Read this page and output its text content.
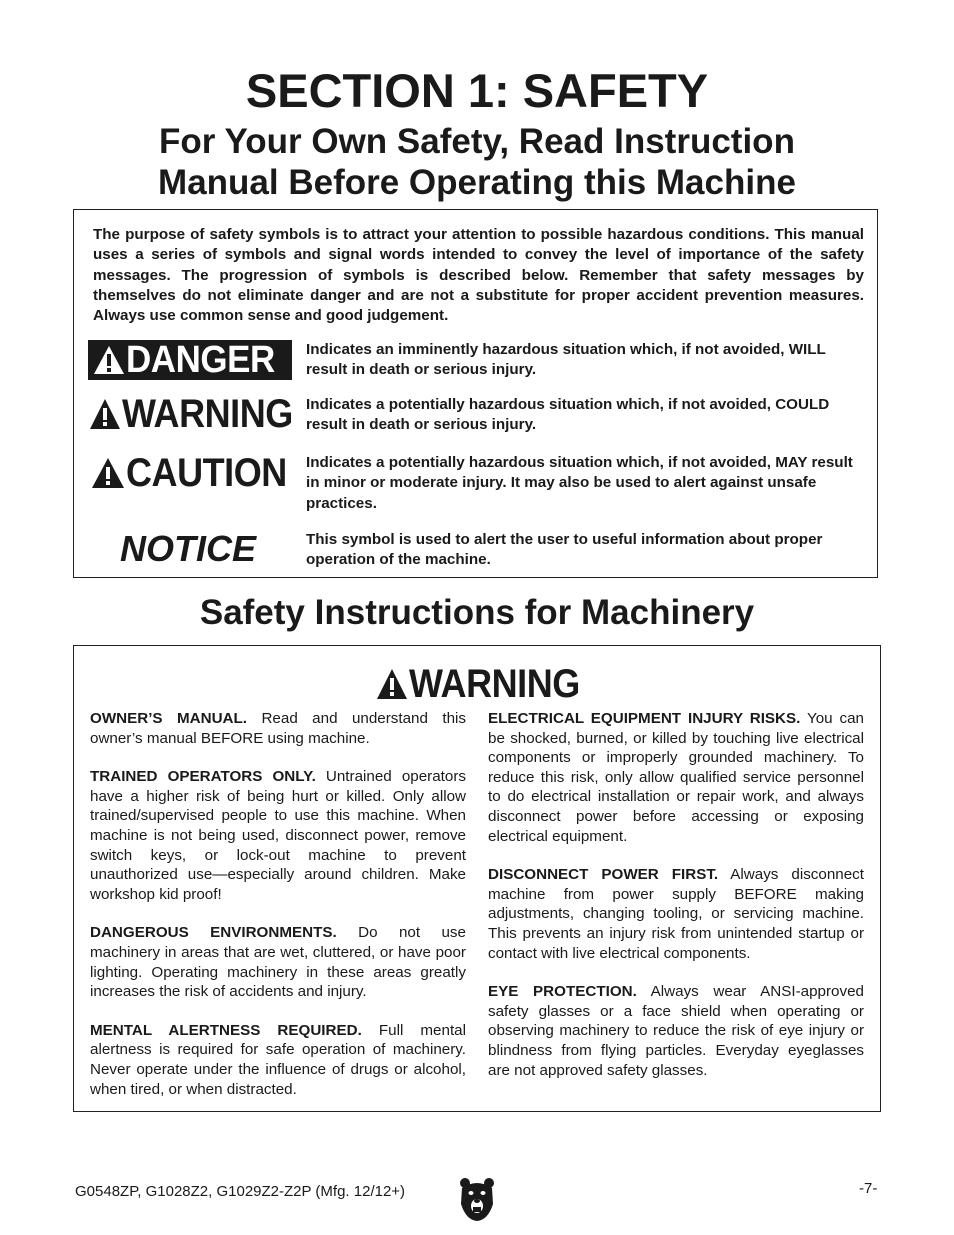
SECTION 1: SAFETY
For Your Own Safety, Read Instruction
Manual Before Operating this Machine
The purpose of safety symbols is to attract your attention to possible hazardous conditions. This manual uses a series of symbols and signal words intended to convey the level of importance of the safety messages. The progression of symbols is described below. Remember that safety messages by themselves do not eliminate danger and are not a substitute for proper accident prevention measures. Always use common sense and good judgement.
DANGER Indicates an imminently hazardous situation which, if not avoided, WILL result in death or serious injury.
WARNING Indicates a potentially hazardous situation which, if not avoided, COULD result in death or serious injury.
CAUTION Indicates a potentially hazardous situation which, if not avoided, MAY result in minor or moderate injury. It may also be used to alert against unsafe practices.
NOTICE	This symbol is used to alert the user to useful information about proper operation of the machine.
Safety Instructions for Machinery
WARNING

OWNER’S MANUAL. Read and understand this owner’s manual BEFORE using machine.

TRAINED OPERATORS ONLY. Untrained operators have a higher risk of being hurt or killed. Only allow trained/supervised people to use this machine. When machine is not being used, disconnect power, remove switch keys, or lock-out machine to prevent unauthorized use—especially around children. Make workshop kid proof!

DANGEROUS ENVIRONMENTS. Do not use machinery in areas that are wet, cluttered, or have poor lighting. Operating machinery in these areas greatly increases the risk of accidents and injury.

MENTAL ALERTNESS REQUIRED. Full mental alertness is required for safe operation of machinery. Never operate under the influence of drugs or alcohol, when tired, or when distracted.

ELECTRICAL EQUIPMENT INJURY RISKS. You can be shocked, burned, or killed by touching live electrical components or improperly grounded machinery. To reduce this risk, only allow qualified service personnel to do electrical installation or repair work, and always disconnect power before accessing or exposing electrical equipment.

DISCONNECT POWER FIRST. Always disconnect machine from power supply BEFORE making adjustments, changing tooling, or servicing machine. This prevents an injury risk from unintended startup or contact with live electrical components.

EYE PROTECTION. Always wear ANSI-approved safety glasses or a face shield when operating or observing machinery to reduce the risk of eye injury or blindness from flying particles. Everyday eyeglasses are not approved safety glasses.

G0548ZP, G1028Z2, G1029Z2-Z2P (Mfg. 12/12+)	-7-
